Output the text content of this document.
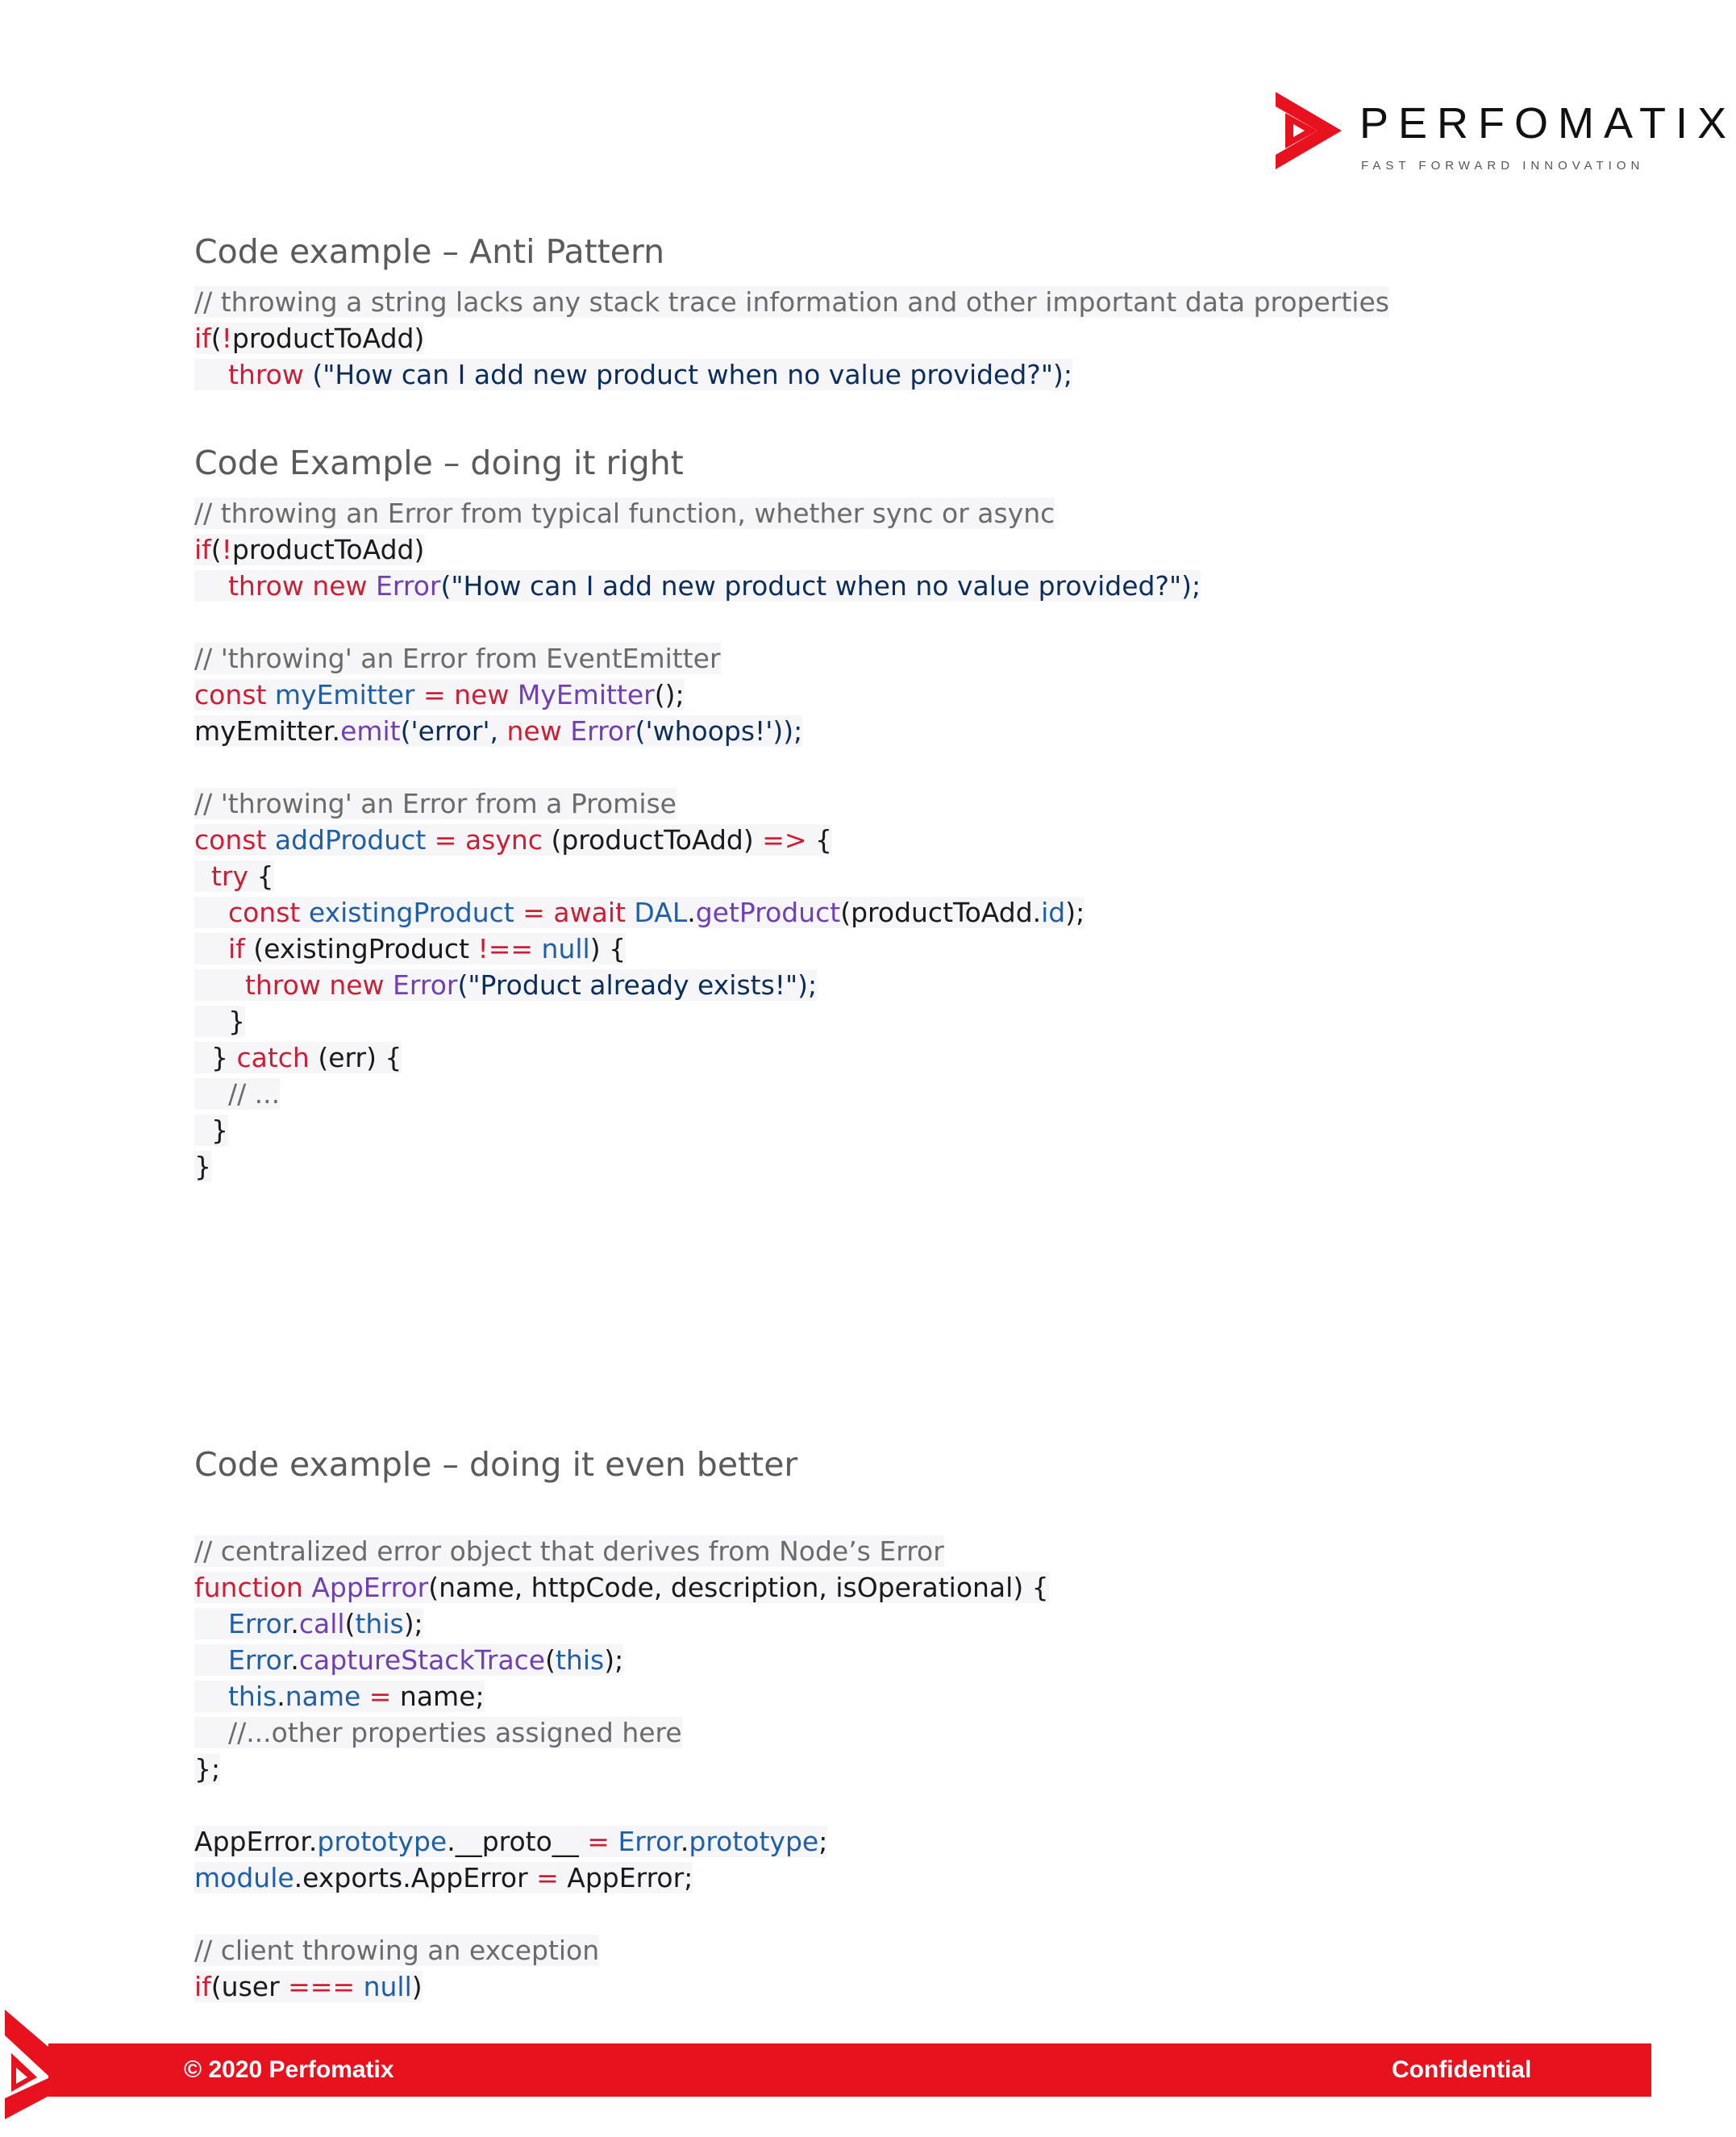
PERFOMATIX
FAST FORWARD INNOVATION
Code example – Anti Pattern
// throwing a string lacks any stack trace information and other important data properties
if(!productToAdd)
throw ("How can I add new product when no value provided?");
Code Example – doing it right
// throwing an Error from typical function, whether sync or async
if(!productToAdd)
throw new Error("How can I add new product when no value provided?");
// 'throwing' an Error from EventEmitter
const myEmitter = new MyEmitter();
myEmitter.emit('error', new Error('whoops!'));
// 'throwing' an Error from a Promise
const addProduct = async (productToAdd) => {
try {
const existingProduct = await DAL.getProduct(productToAdd.id);
if (existingProduct !== null) {
throw new Error("Product already exists!");
}
} catch (err) {
// ...
}
}
Code example – doing it even better
// centralized error object that derives from Node’s Error
function AppError(name, httpCode, description, isOperational) {
Error.call(this);
Error.captureStackTrace(this);
this.name = name;
//...other properties assigned here
};
AppError.prototype.__proto__ = Error.prototype;
module.exports.AppError = AppError;
// client throwing an exception
if(user === null)
© 2020 Perfomatix	Confidential
